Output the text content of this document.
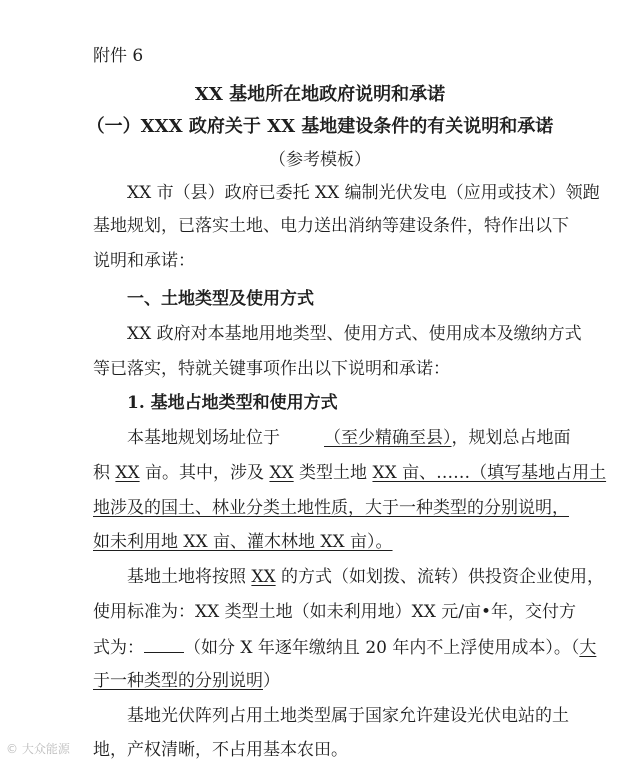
附件 6
XX 基地所在地政府说明和承诺
（一）XXX 政府关于 XX 基地建设条件的有关说明和承诺
（参考模板）
XX 市（县）政府已委托 XX 编制光伏发电（应用或技术）领跑
基地规划，已落实土地、电力送出消纳等建设条件，特作出以下
说明和承诺：
一、土地类型及使用方式
XX 政府对本基地用地类型、使用方式、使用成本及缴纳方式
等已落实，特就关键事项作出以下说明和承诺：
1. 基地占地类型和使用方式
本基地规划场址位于	（至少精确至县），规划总占地面
积 XX 亩。其中，涉及 XX 类型土地 XX 亩、……（填写基地占用土
地涉及的国土、林业分类土地性质，大于一种类型的分别说明，
如未利用地 XX 亩、灌木林地 XX 亩）。
基地土地将按照 XX 的方式（如划拨、流转）供投资企业使用，
使用标准为：XX 类型土地（如未利用地）XX 元/亩•年，交付方
式为： （如分 X 年逐年缴纳且 20 年内不上浮使用成本）。（大
于一种类型的分别说明）
基地光伏阵列占用土地类型属于国家允许建设光伏电站的土
地，产权清晰，不占用基本农田。
© 大众能源
